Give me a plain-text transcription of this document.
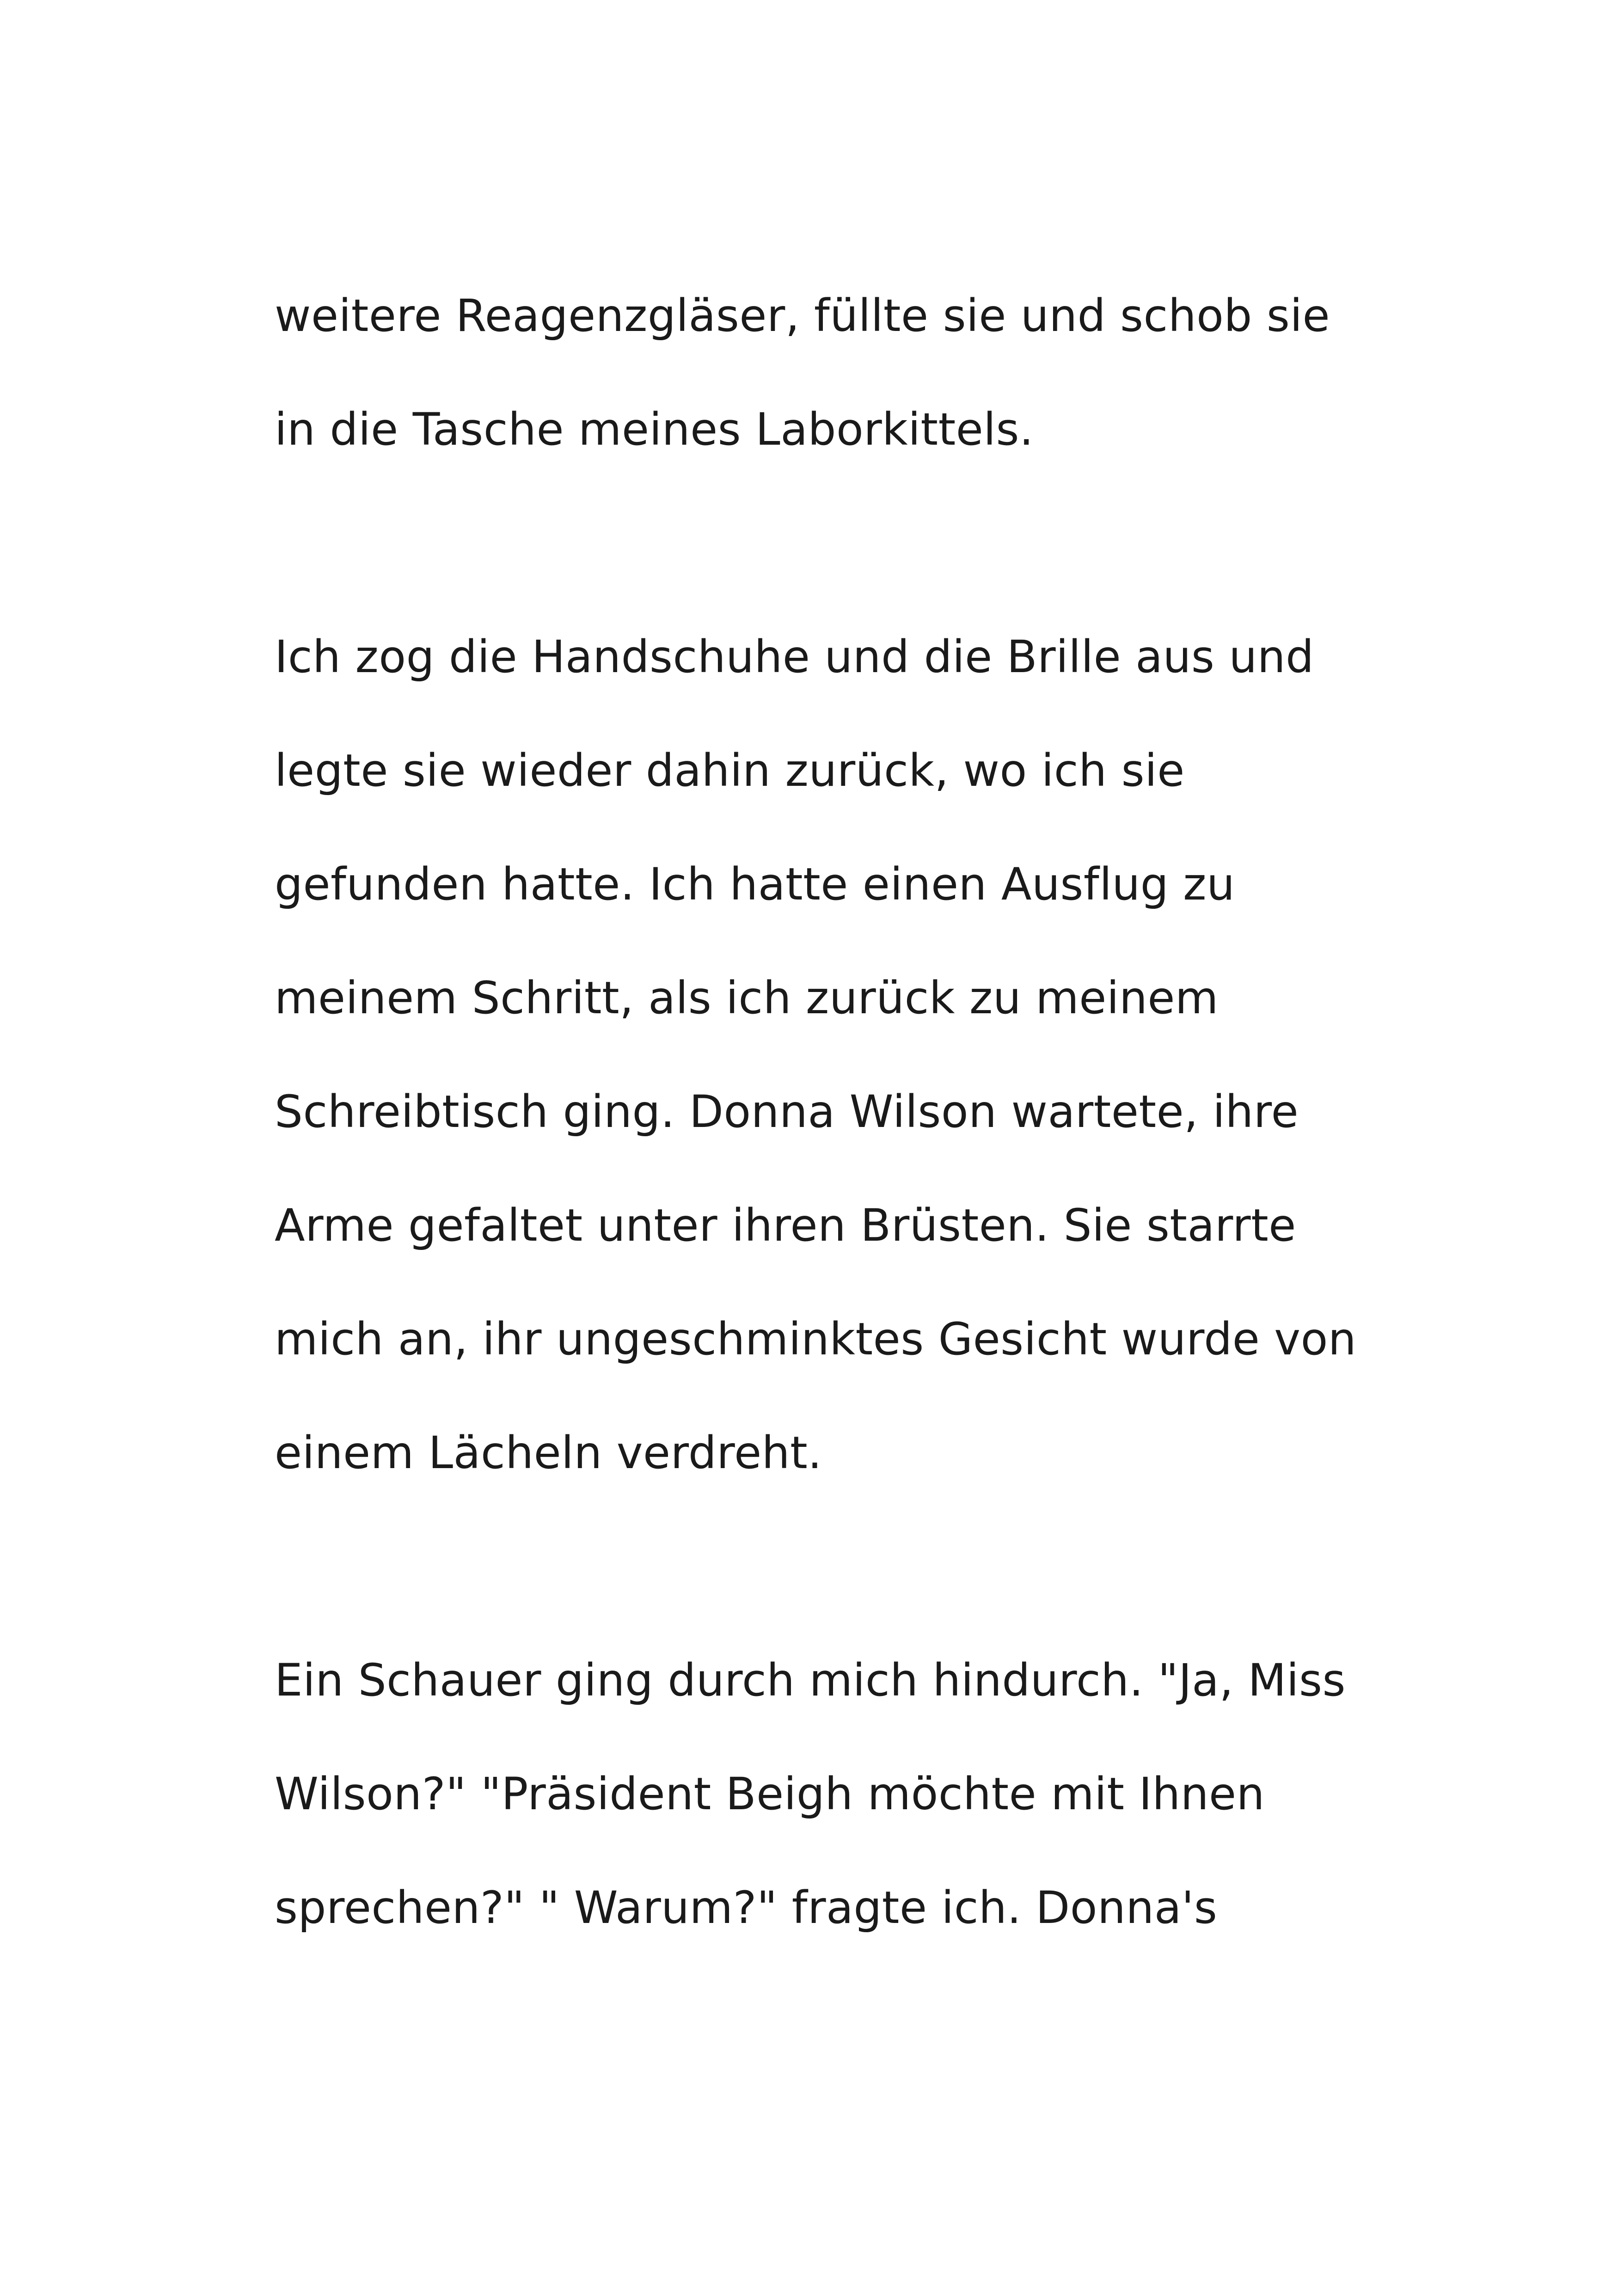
weitere Reagenzgläser, füllte sie und schob sie
in die Tasche meines Laborkittels.
Ich zog die Handschuhe und die Brille aus und
legte sie wieder dahin zurück, wo ich sie
gefunden hatte. Ich hatte einen Ausflug zu
meinem Schritt, als ich zurück zu meinem
Schreibtisch ging. Donna Wilson wartete, ihre
Arme gefaltet unter ihren Brüsten. Sie starrte
mich an, ihr ungeschminktes Gesicht wurde von
einem Lächeln verdreht.
Ein Schauer ging durch mich hindurch. "Ja, Miss
Wilson?" "Präsident Beigh möchte mit Ihnen
sprechen?" " Warum?" fragte ich. Donna's
